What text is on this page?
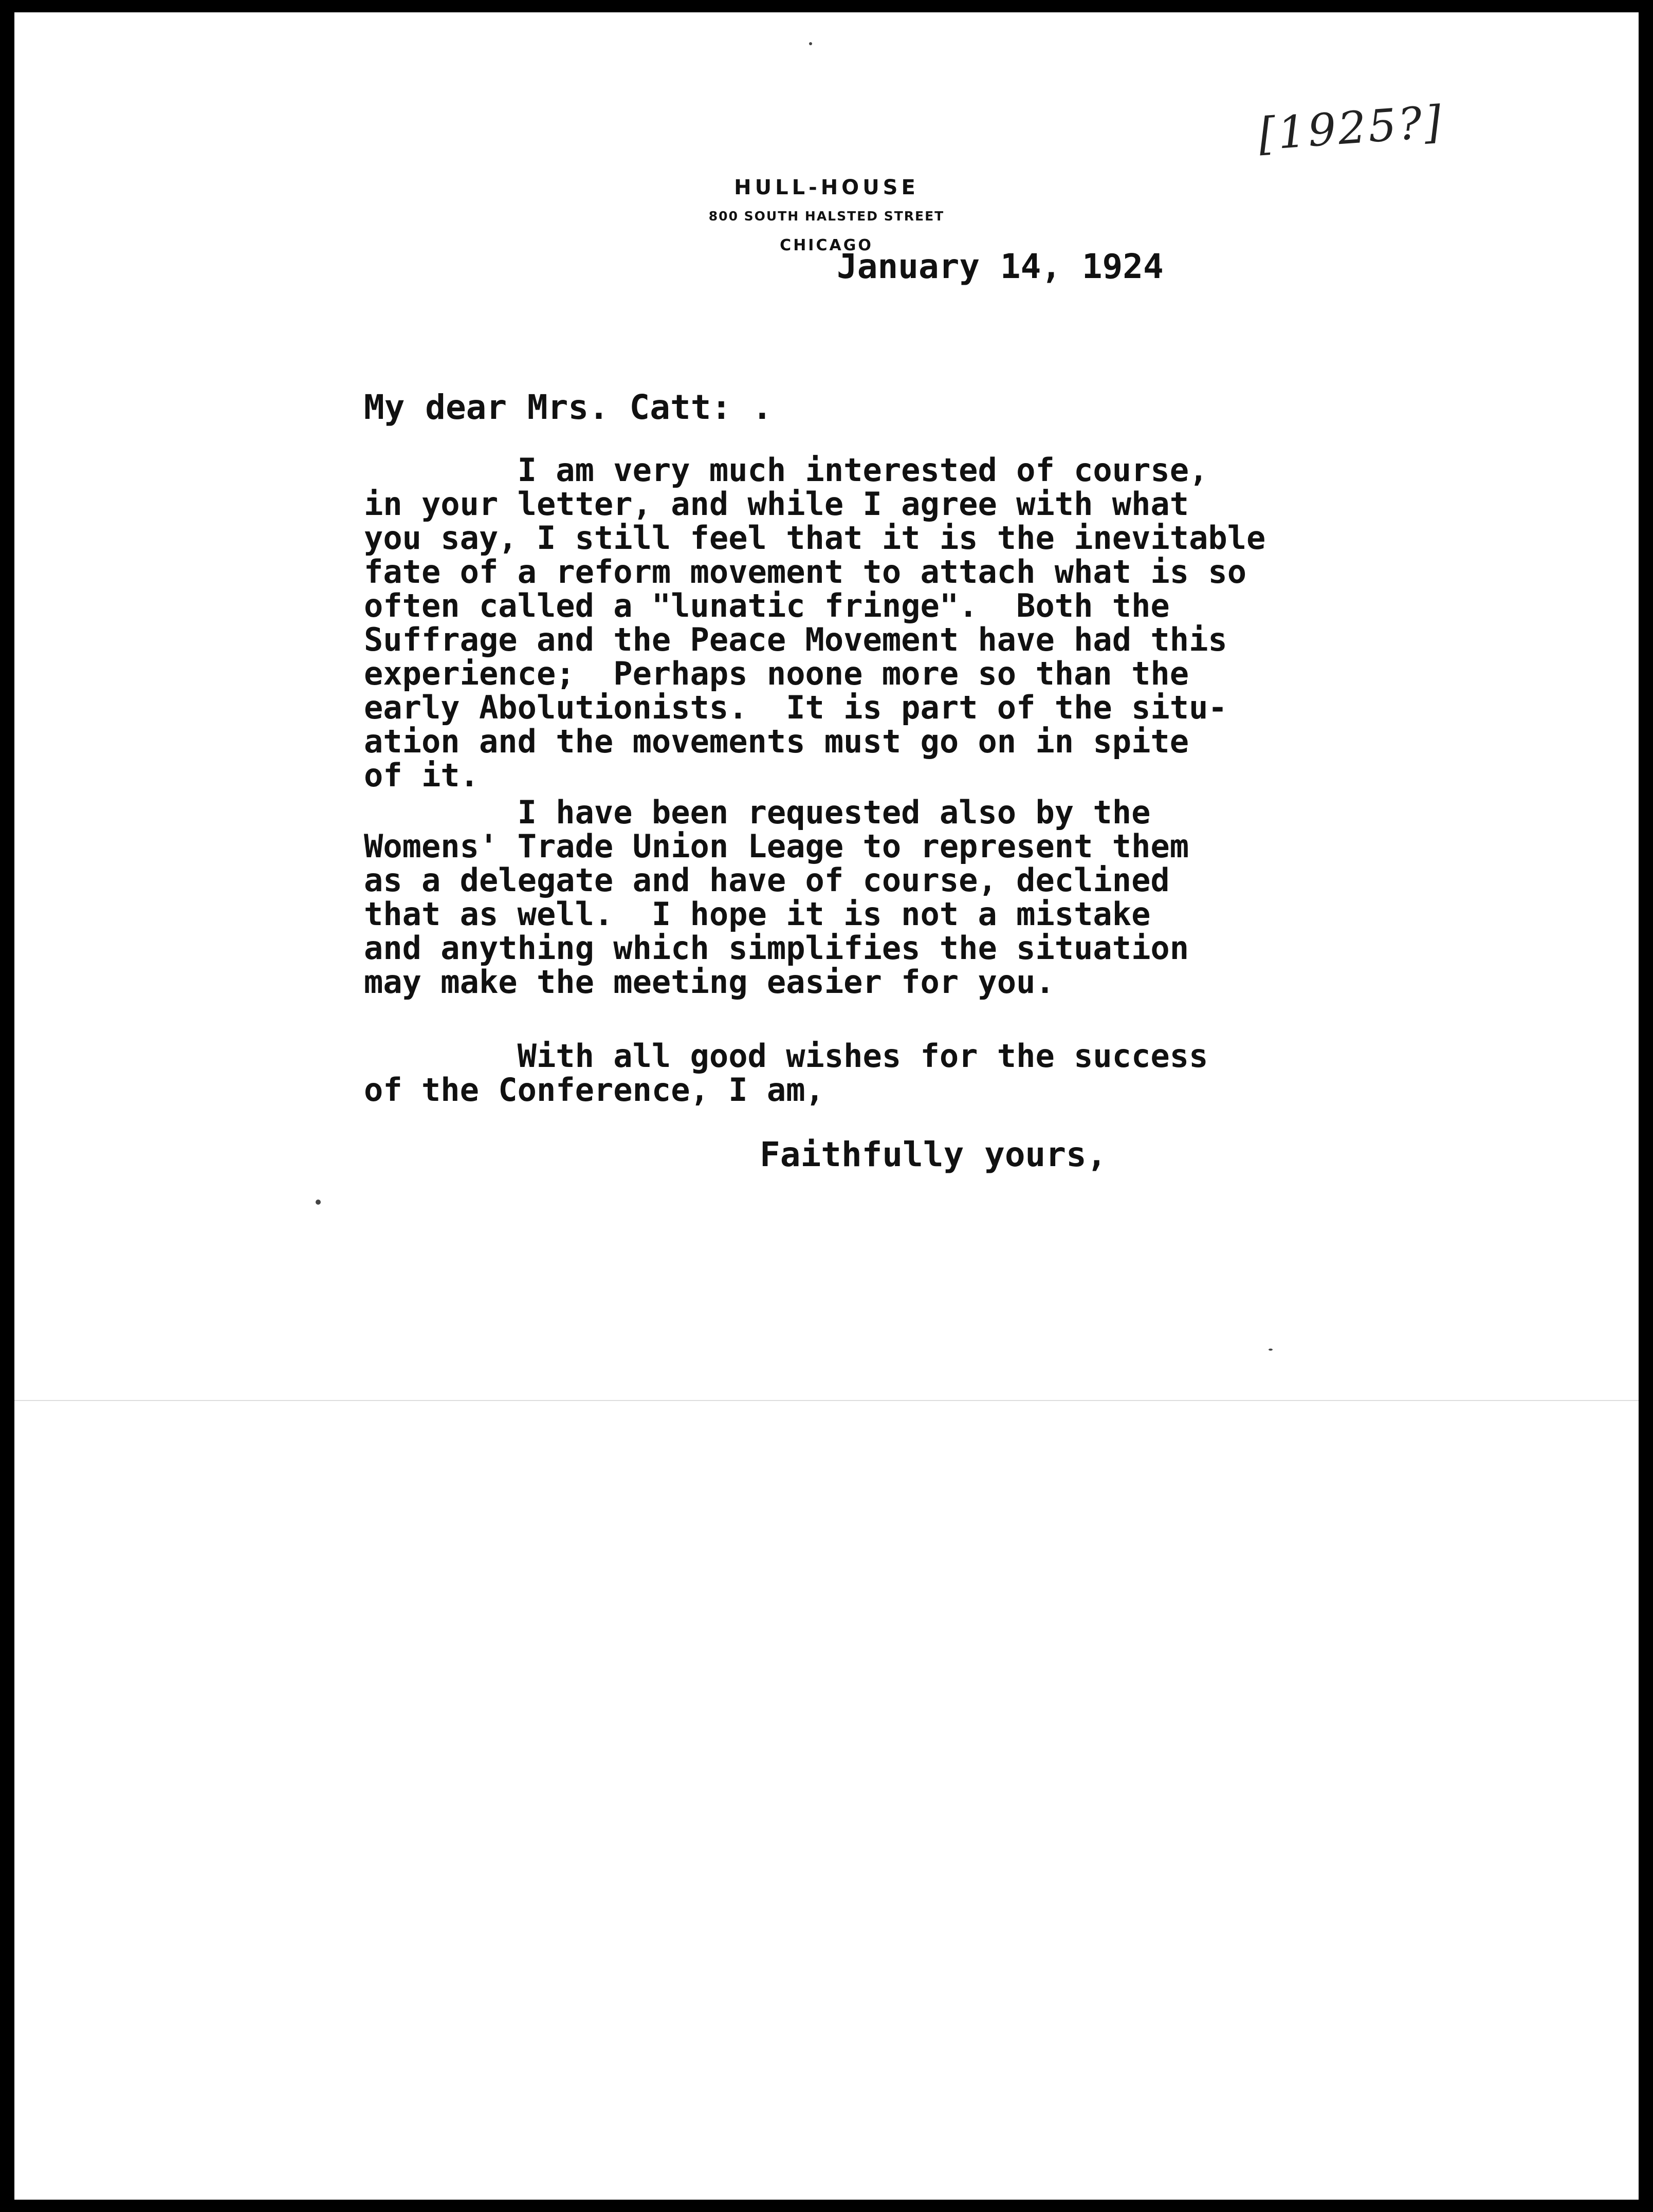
[1925?]
HULL-HOUSE
800 SOUTH HALSTED STREET
CHICAGO
January 14, 1924
My dear Mrs. Catt: .
I am very much interested of course,
in your letter, and while I agree with what
you say, I still feel that it is the inevitable
fate of a reform movement to attach what is so
often called a "lunatic fringe".  Both the
Suffrage and the Peace Movement have had this
experience;  Perhaps noone more so than the
early Abolutionists.  It is part of the situ-
ation and the movements must go on in spite
of it.
I have been requested also by the
Womens' Trade Union Leage to represent them
as a delegate and have of course, declined
that as well.  I hope it is not a mistake
and anything which simplifies the situation
may make the meeting easier for you.
With all good wishes for the success
of the Conference, I am,
Faithfully yours,
